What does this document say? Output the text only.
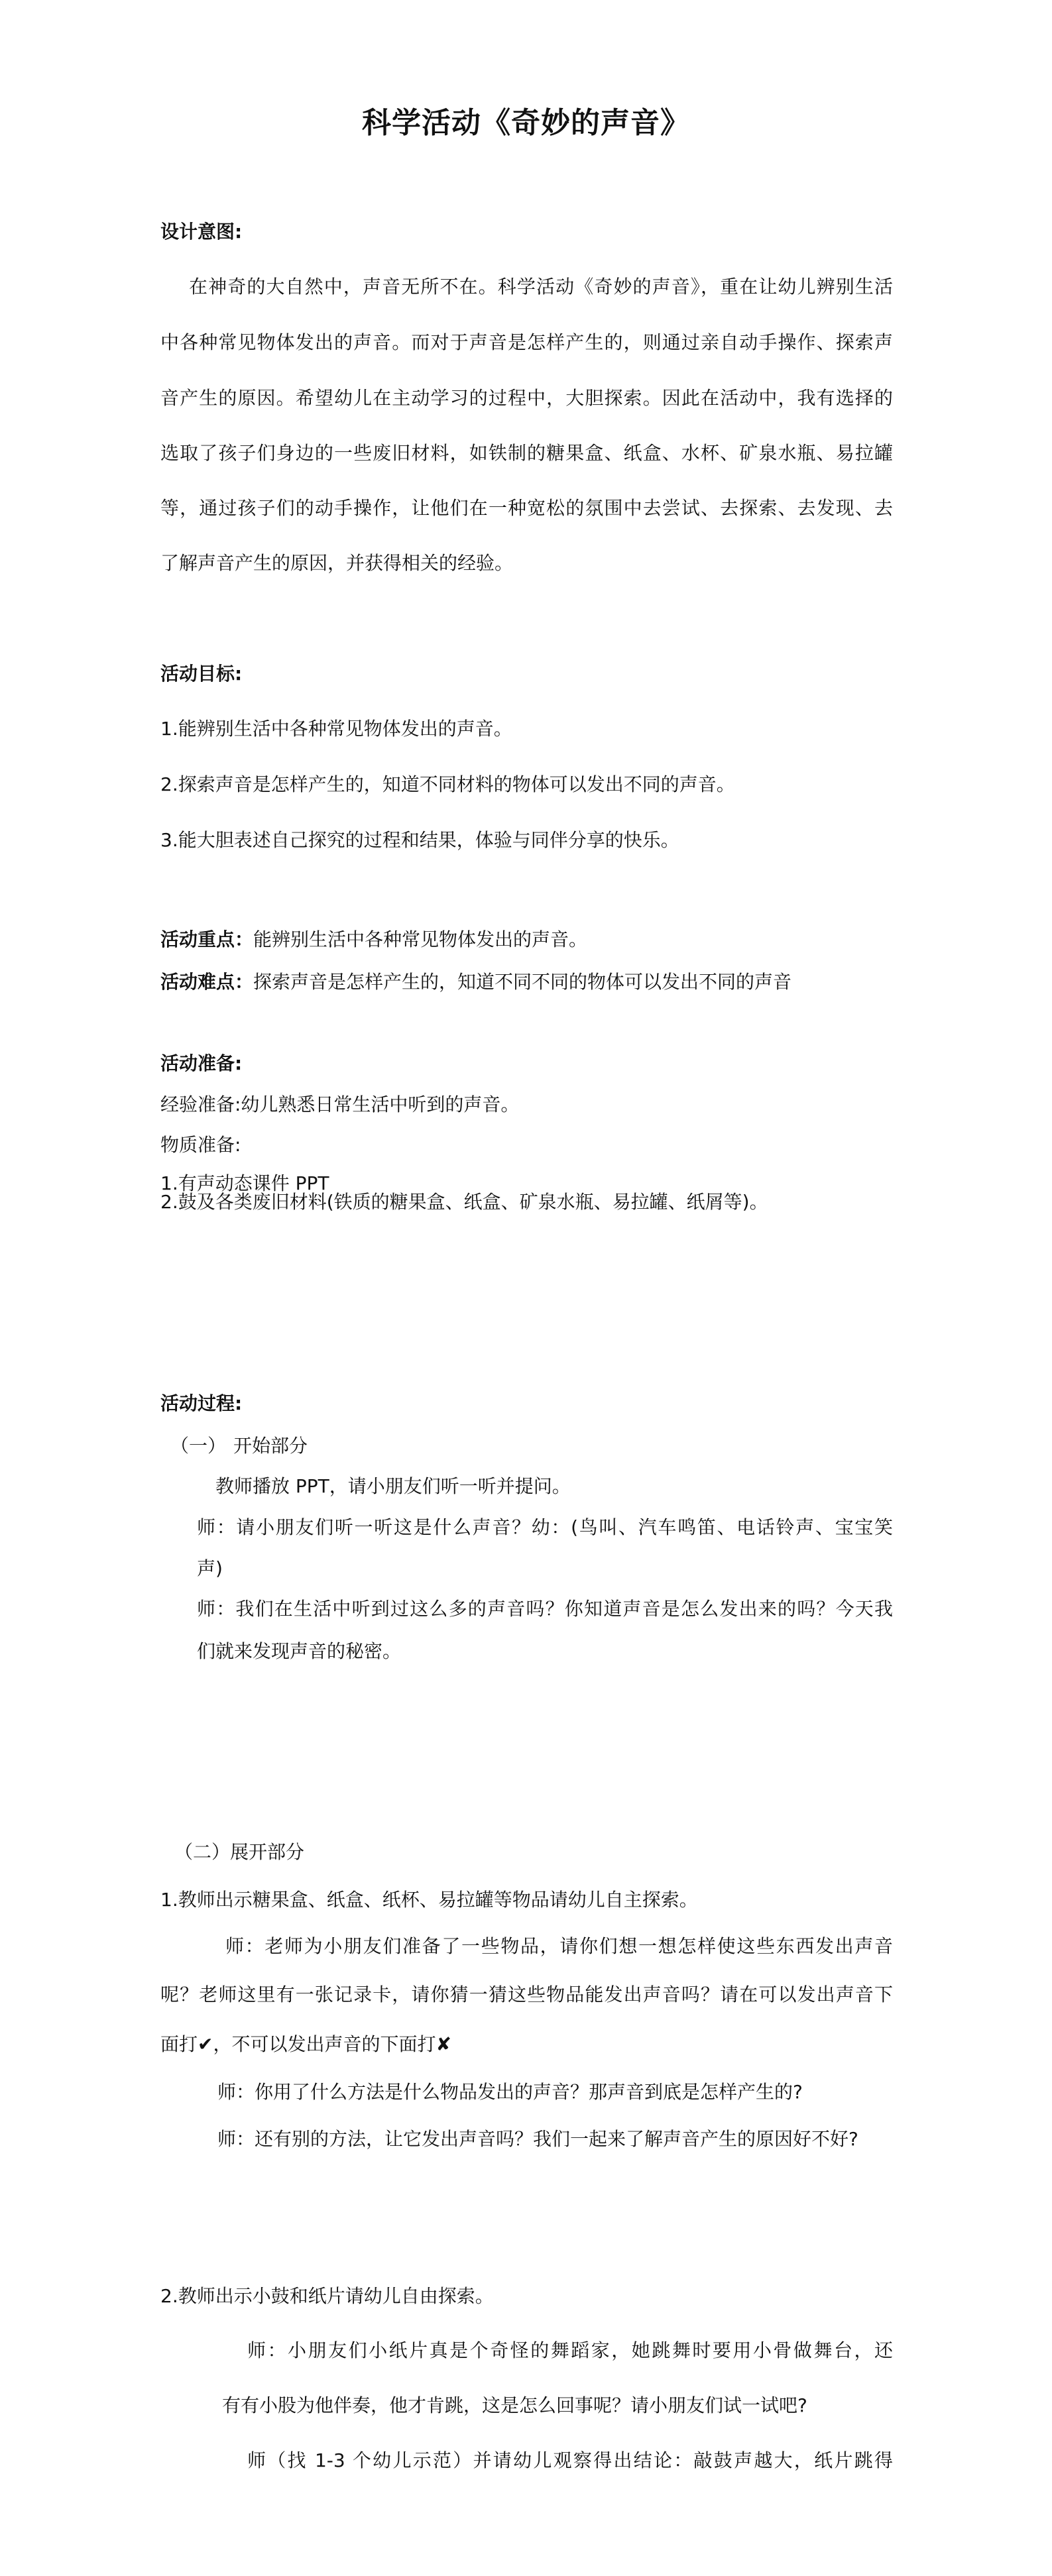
科学活动《奇妙的声音》
设计意图:
在神奇的大自然中，声音无所不在。科学活动《奇妙的声音》，重在让幼儿辨别生活
中各种常见物体发出的声音。而对于声音是怎样产生的，则通过亲自动手操作、探索声
音产生的原因。希望幼儿在主动学习的过程中，大胆探索。因此在活动中，我有选择的
选取了孩子们身边的一些废旧材料，如铁制的糖果盒、纸盒、水杯、矿泉水瓶、易拉罐
等，通过孩子们的动手操作，让他们在一种宽松的氛围中去尝试、去探索、去发现、去
了解声音产生的原因，并获得相关的经验。
活动目标:
1.能辨别生活中各种常见物体发出的声音。
2.探索声音是怎样产生的，知道不同材料的物体可以发出不同的声音。
3.能大胆表述自己探究的过程和结果，体验与同伴分享的快乐。
活动重点：能辨别生活中各种常见物体发出的声音。
活动难点：探索声音是怎样产生的，知道不同不同的物体可以发出不同的声音
活动准备:
经验准备:幼儿熟悉日常生活中听到的声音。
物质准备:
1.有声动态课件 PPT
2.鼓及各类废旧材料(铁质的糖果盒、纸盒、矿泉水瓶、易拉罐、纸屑等)。
活动过程:
（一） 开始部分
教师播放 PPT，请小朋友们听一听并提问。
师：请小朋友们听一听这是什么声音？幼：(鸟叫、汽车鸣笛、电话铃声、宝宝笑
声)
师：我们在生活中听到过这么多的声音吗？你知道声音是怎么发出来的吗？今天我
们就来发现声音的秘密。
（二）展开部分
1.教师出示糖果盒、纸盒、纸杯、易拉罐等物品请幼儿自主探索。
师：老师为小朋友们准备了一些物品，请你们想一想怎样使这些东西发出声音
呢？老师这里有一张记录卡，请你猜一猜这些物品能发出声音吗？请在可以发出声音下
面打✔，不可以发出声音的下面打✘
师：你用了什么方法是什么物品发出的声音？那声音到底是怎样产生的?
师：还有别的方法，让它发出声音吗？我们一起来了解声音产生的原因好不好?
2.教师出示小鼓和纸片请幼儿自由探索。
师：小朋友们小纸片真是个奇怪的舞蹈家，她跳舞时要用小骨做舞台，还
有有小股为他伴奏，他才肯跳，这是怎么回事呢？请小朋友们试一试吧?
师（找 1-3 个幼儿示范）并请幼儿观察得出结论：敲鼓声越大，纸片跳得
